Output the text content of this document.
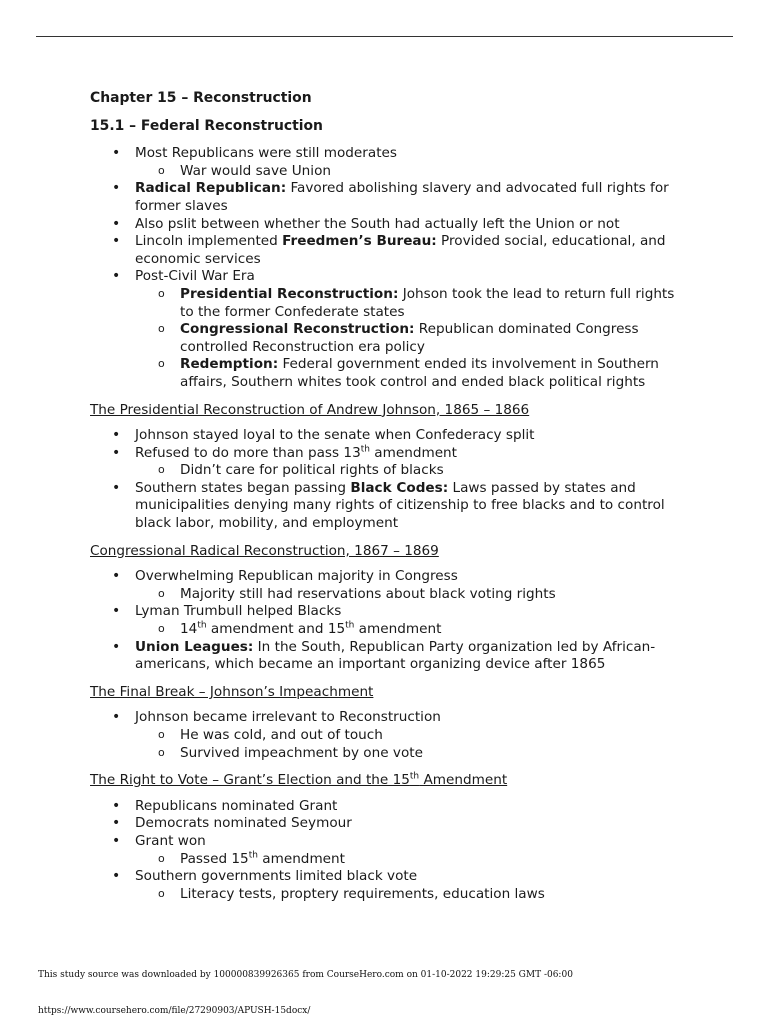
Chapter 15 – Reconstruction
15.1 – Federal Reconstruction
• Most Republicans were still moderates
o War would save Union
• Radical Republican: Favored abolishing slavery and advocated full rights for former slaves
• Also pslit between whether the South had actually left the Union or not
• Lincoln implemented Freedmen’s Bureau: Provided social, educational, and economic services
• Post-Civil War Era
o Presidential Reconstruction: Johson took the lead to return full rights to the former Confederate states
o Congressional Reconstruction: Republican dominated Congress controlled Reconstruction era policy
o Redemption: Federal government ended its involvement in Southern affairs, Southern whites took control and ended black political rights
The Presidential Reconstruction of Andrew Johnson, 1865 – 1866
• Johnson stayed loyal to the senate when Confederacy split
• Refused to do more than pass 13th amendment
o Didn’t care for political rights of blacks
• Southern states began passing Black Codes: Laws passed by states and municipalities denying many rights of citizenship to free blacks and to control black labor, mobility, and employment
Congressional Radical Reconstruction, 1867 – 1869
• Overwhelming Republican majority in Congress
o Majority still had reservations about black voting rights
• Lyman Trumbull helped Blacks
o 14th amendment and 15th amendment
• Union Leagues: In the South, Republican Party organization led by African-americans, which became an important organizing device after 1865
The Final Break – Johnson’s Impeachment
• Johnson became irrelevant to Reconstruction
o He was cold, and out of touch
o Survived impeachment by one vote
The Right to Vote – Grant’s Election and the 15th Amendment
• Republicans nominated Grant
• Democrats nominated Seymour
• Grant won
o Passed 15th amendment
• Southern governments limited black vote
o Literacy tests, proptery requirements, education laws
This study source was downloaded by 100000839926365 from CourseHero.com on 01-10-2022 19:29:25 GMT -06:00
https://www.coursehero.com/file/27290903/APUSH-15docx/
